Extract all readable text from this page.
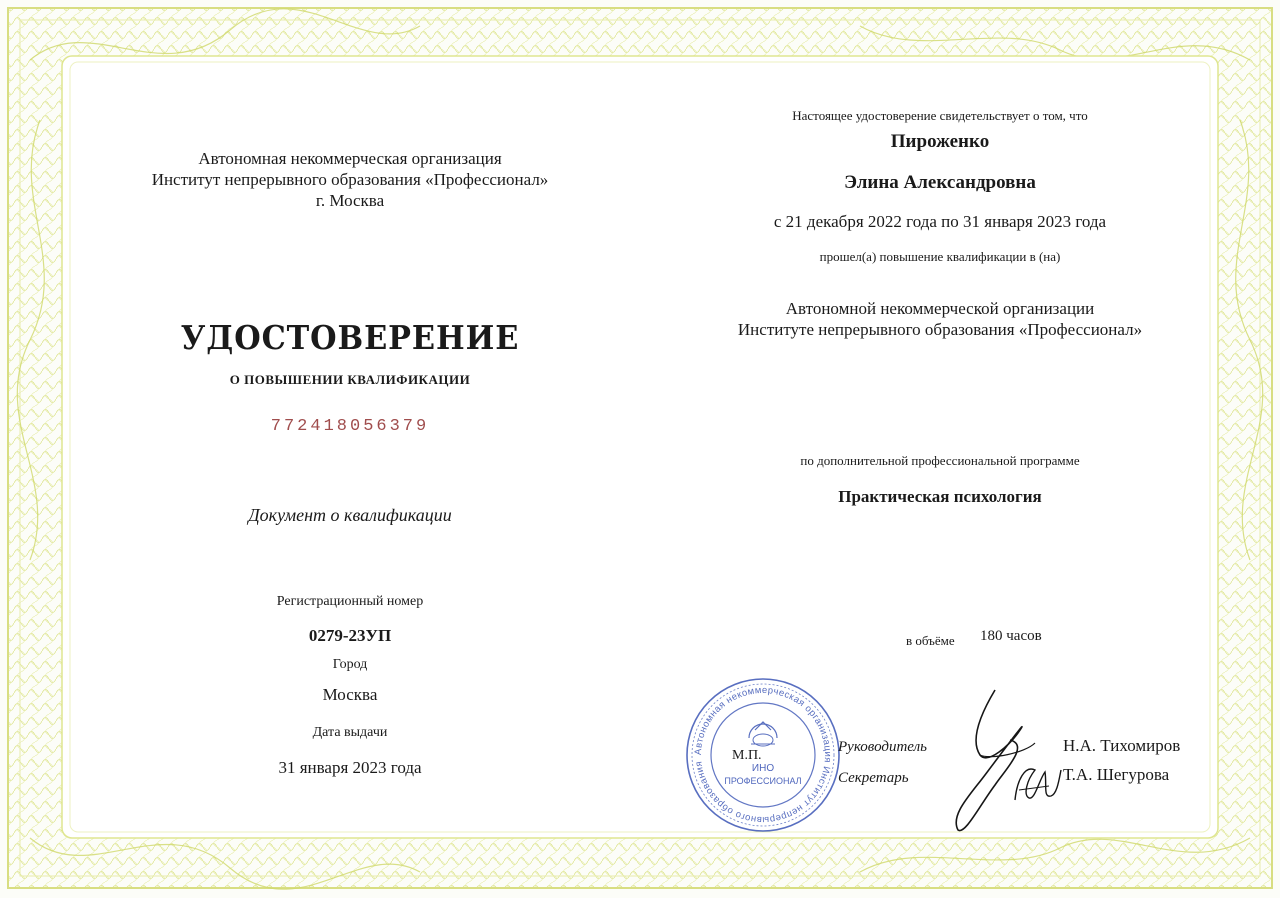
Автономная некоммерческая организация
Институт непрерывного образования «Профессионал»
г. Москва
УДОСТОВЕРЕНИЕ
О ПОВЫШЕНИИ КВАЛИФИКАЦИИ
772418056379
Документ о квалификации
Регистрационный номер
0279-23УП
Город
Москва
Дата выдачи
31 января 2023 года
Настоящее удостоверение свидетельствует о том, что
Пироженко
Элина Александровна
с 21 декабря 2022 года по 31 января 2023 года
прошел(а) повышение квалификации в (на)
Автономной некоммерческой организации
Институте непрерывного образования «Профессионал»
по дополнительной профессиональной программе
Практическая психология
в объёме 180 часов
Автономная некоммерческая организация Институт непрерывного образования	ИНО
ПРОФЕССИОНАЛ
М.П.
Руководитель
Секретарь
Н.А. Тихомиров
Т.А. Шегурова
